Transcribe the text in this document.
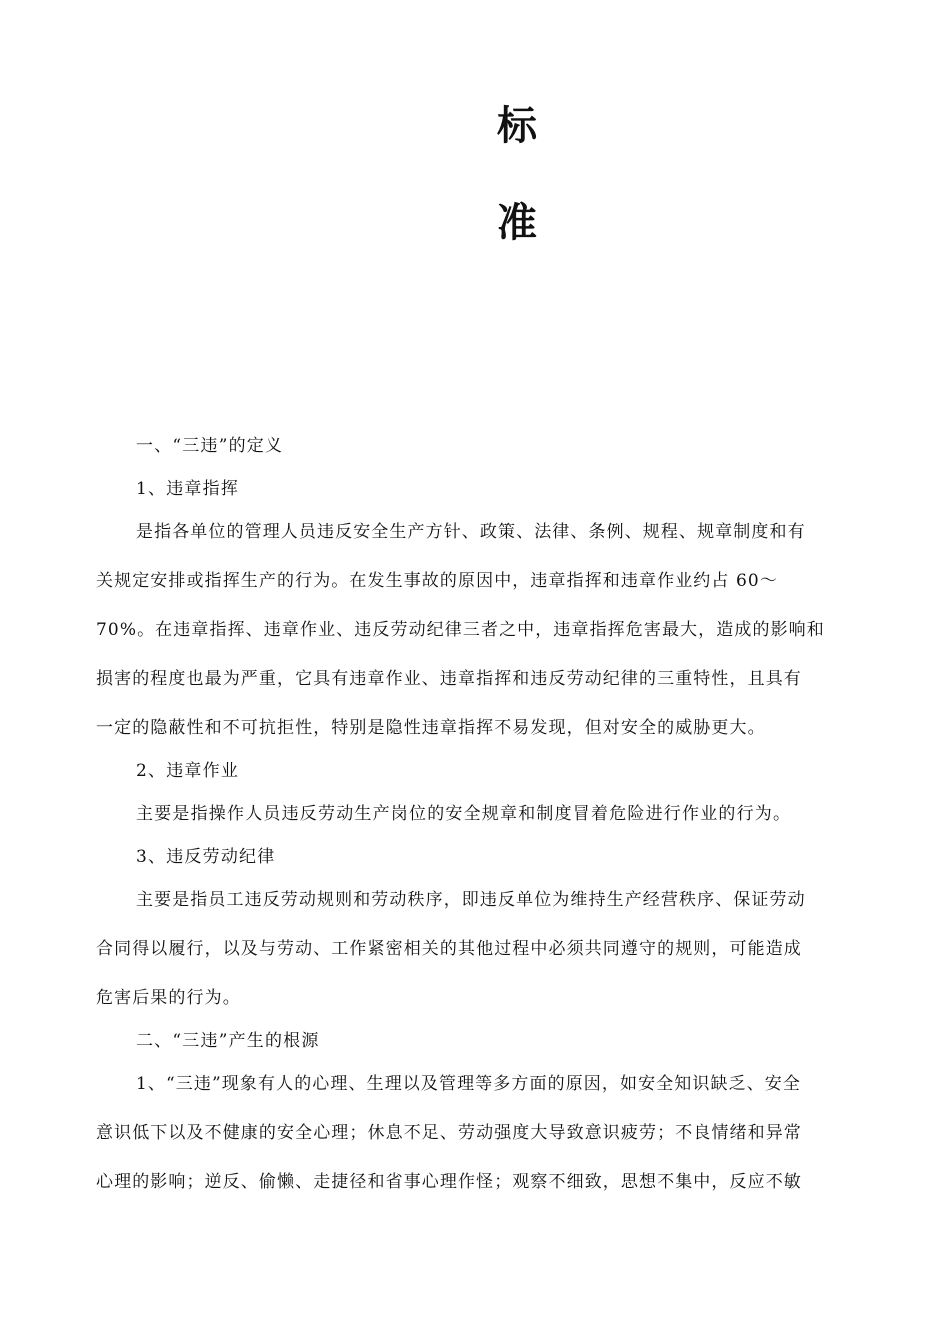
标
准
一、“三违”的定义
1、违章指挥
是指各单位的管理人员违反安全生产方针、政策、法律、条例、规程、规章制度和有
关规定安排或指挥生产的行为。在发生事故的原因中，违章指挥和违章作业约占 60～
70%。在违章指挥、违章作业、违反劳动纪律三者之中，违章指挥危害最大，造成的影响和
损害的程度也最为严重，它具有违章作业、违章指挥和违反劳动纪律的三重特性，且具有
一定的隐蔽性和不可抗拒性，特别是隐性违章指挥不易发现，但对安全的威胁更大。
2、违章作业
主要是指操作人员违反劳动生产岗位的安全规章和制度冒着危险进行作业的行为。
3、违反劳动纪律
主要是指员工违反劳动规则和劳动秩序，即违反单位为维持生产经营秩序、保证劳动
合同得以履行，以及与劳动、工作紧密相关的其他过程中必须共同遵守的规则，可能造成
危害后果的行为。
二、“三违”产生的根源
1、“三违”现象有人的心理、生理以及管理等多方面的原因，如安全知识缺乏、安全
意识低下以及不健康的安全心理；休息不足、劳动强度大导致意识疲劳；不良情绪和异常
心理的影响；逆反、偷懒、走捷径和省事心理作怪；观察不细致，思想不集中，反应不敏
